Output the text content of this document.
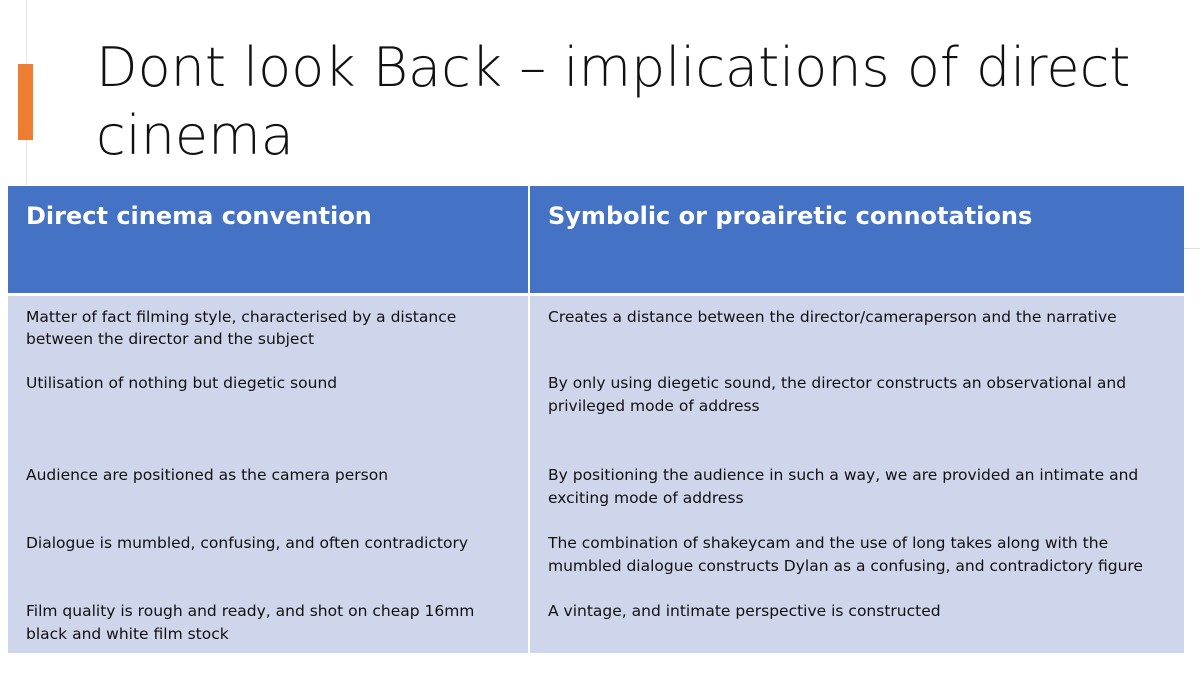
Dont look Back – implications of direct cinema
Direct cinema convention	Symbolic or proairetic connotations
Matter of fact filming style, characterised by a distance between the director and the subject	Creates a distance between the director/cameraperson and the narrative
Utilisation of nothing but diegetic sound	By only using diegetic sound, the director constructs an observational and privileged mode of address
Audience are positioned as the camera person	By positioning the audience in such a way, we are provided an intimate and exciting mode of address
Dialogue is mumbled, confusing, and often contradictory	The combination of shakeycam and the use of long takes along with the mumbled dialogue constructs Dylan as a confusing, and contradictory figure
Film quality is rough and ready, and shot on cheap 16mm black and white film stock	A vintage, and intimate perspective is constructed
